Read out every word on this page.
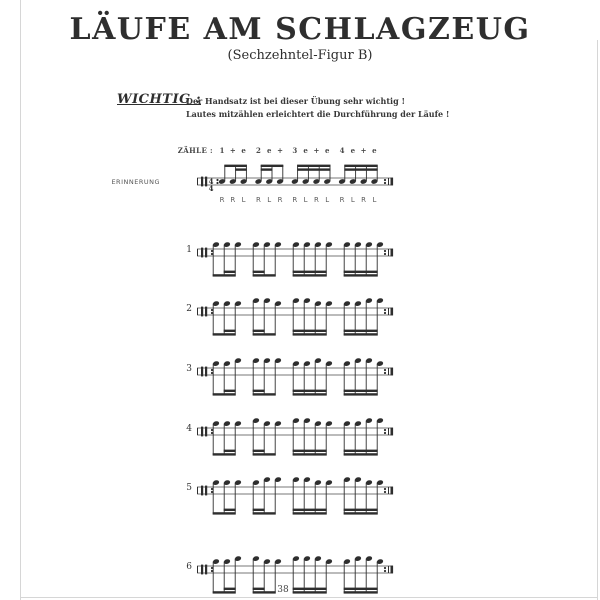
LÄUFE AM SCHLAGZEUG
(Sechzehntel-Figur B)
WICHTIG :
Der Handsatz ist bei dieser Übung sehr wichtig !
Lautes mitzählen erleichtert die Durchführung der Läufe !
ZÄHLE : 1 + e	2 e +	3 e + e	4 e + e
ERINNERUNG	4
4
R R L	R L R	R L R L	R L R L
1
2
3
4
5
6
38
